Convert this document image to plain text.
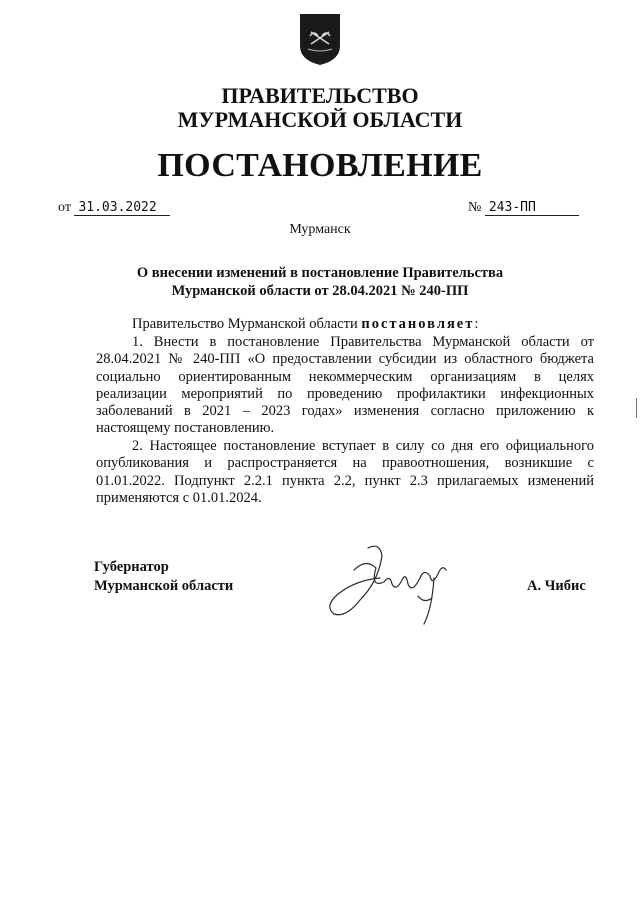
ПРАВИТЕЛЬСТВО
МУРМАНСКОЙ ОБЛАСТИ
ПОСТАНОВЛЕНИЕ
от 31.03.2022	№ 243-ПП
Мурманск
О внесении изменений в постановление Правительства
Мурманской области от 28.04.2021 № 240-ПП

Правительство Мурманской области постановляет:

1. Внести в постановление Правительства Мурманской области от 28.04.2021 № 240-ПП «О предоставлении субсидии из областного бюджета социально ориентированным некоммерческим организациям в целях реализации мероприятий по проведению профилактики инфекционных заболеваний в 2021 – 2023 годах» изменения согласно приложению к настоящему постановлению.

2. Настоящее постановление вступает в силу со дня его официального опубликования и распространяется на правоотношения, возникшие с 01.01.2022. Подпункт 2.2.1 пункта 2.2, пункт 2.3 прилагаемых изменений применяются с 01.01.2024.

Губернатор
Мурманской области	А. Чибис
